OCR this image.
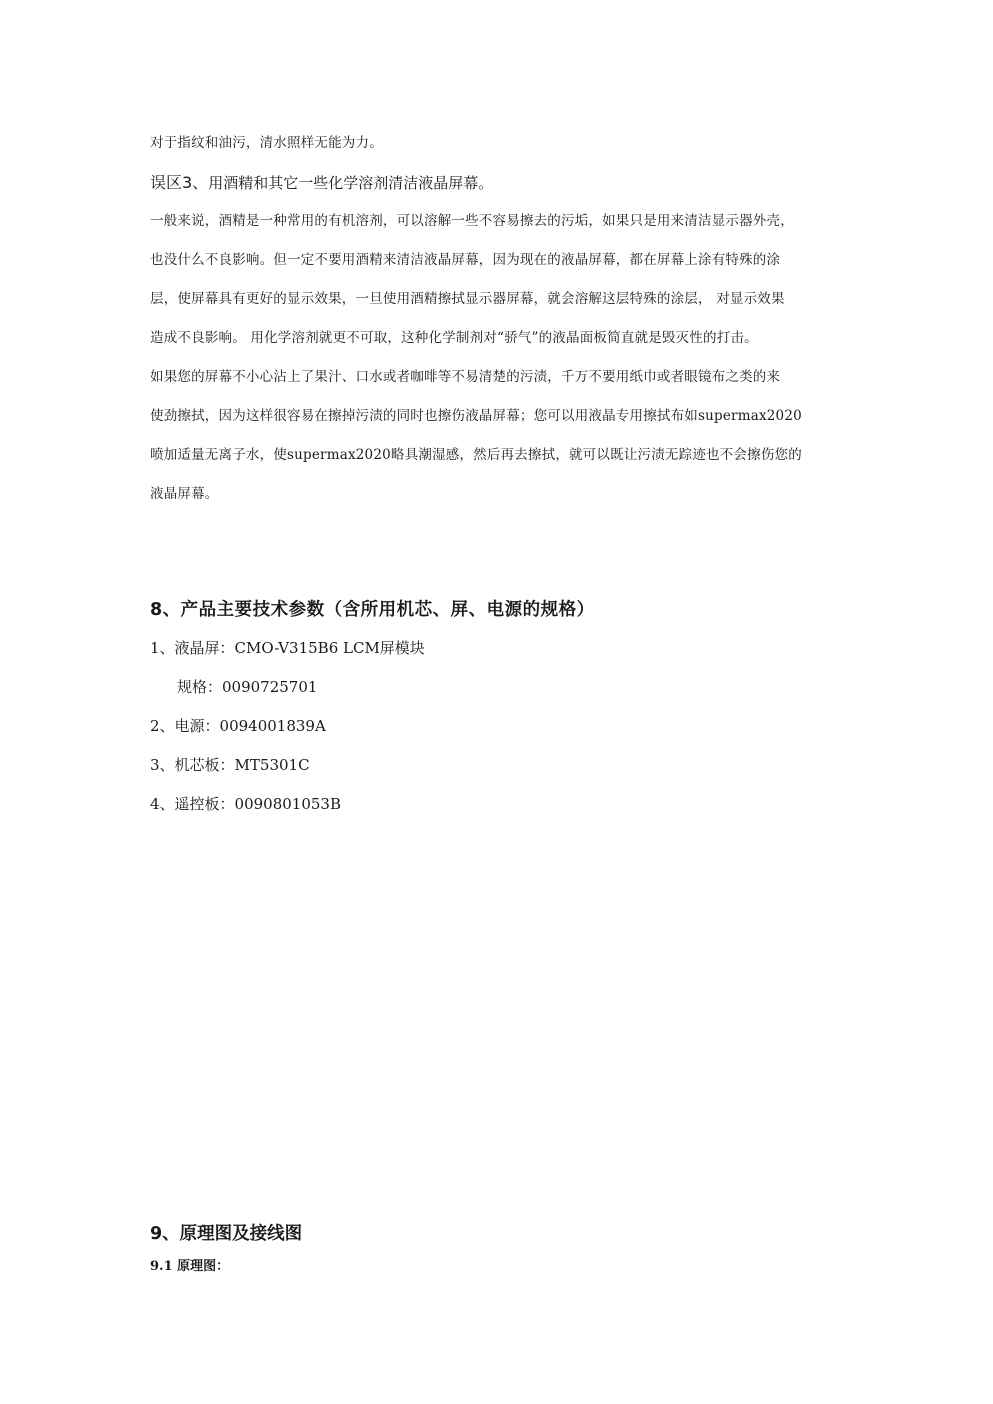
对于指纹和油污，清水照样无能为力。
误区3、用酒精和其它一些化学溶剂清洁液晶屏幕。
一般来说，酒精是一种常用的有机溶剂，可以溶解一些不容易擦去的污垢，如果只是用来清洁显示器外壳，
也没什么不良影响。但一定不要用酒精来清洁液晶屏幕，因为现在的液晶屏幕，都在屏幕上涂有特殊的涂
层，使屏幕具有更好的显示效果，一旦使用酒精擦拭显示器屏幕，就会溶解这层特殊的涂层， 对显示效果
造成不良影响。 用化学溶剂就更不可取，这种化学制剂对“骄气”的液晶面板简直就是毁灭性的打击。
如果您的屏幕不小心沾上了果汁、口水或者咖啡等不易清楚的污渍，千万不要用纸巾或者眼镜布之类的来
使劲擦拭，因为这样很容易在擦掉污渍的同时也擦伤液晶屏幕；您可以用液晶专用擦拭布如supermax2020
喷加适量无离子水，使supermax2020略具潮湿感，然后再去擦拭，就可以既让污渍无踪迹也不会擦伤您的
液晶屏幕。
8、产品主要技术参数（含所用机芯、屏、电源的规格）
1、液晶屏：CMO-V315B6 LCM屏模块
规格：0090725701
2、电源：0094001839A
3、机芯板：MT5301C
4、遥控板：0090801053B
9、原理图及接线图
9.1 原理图：
